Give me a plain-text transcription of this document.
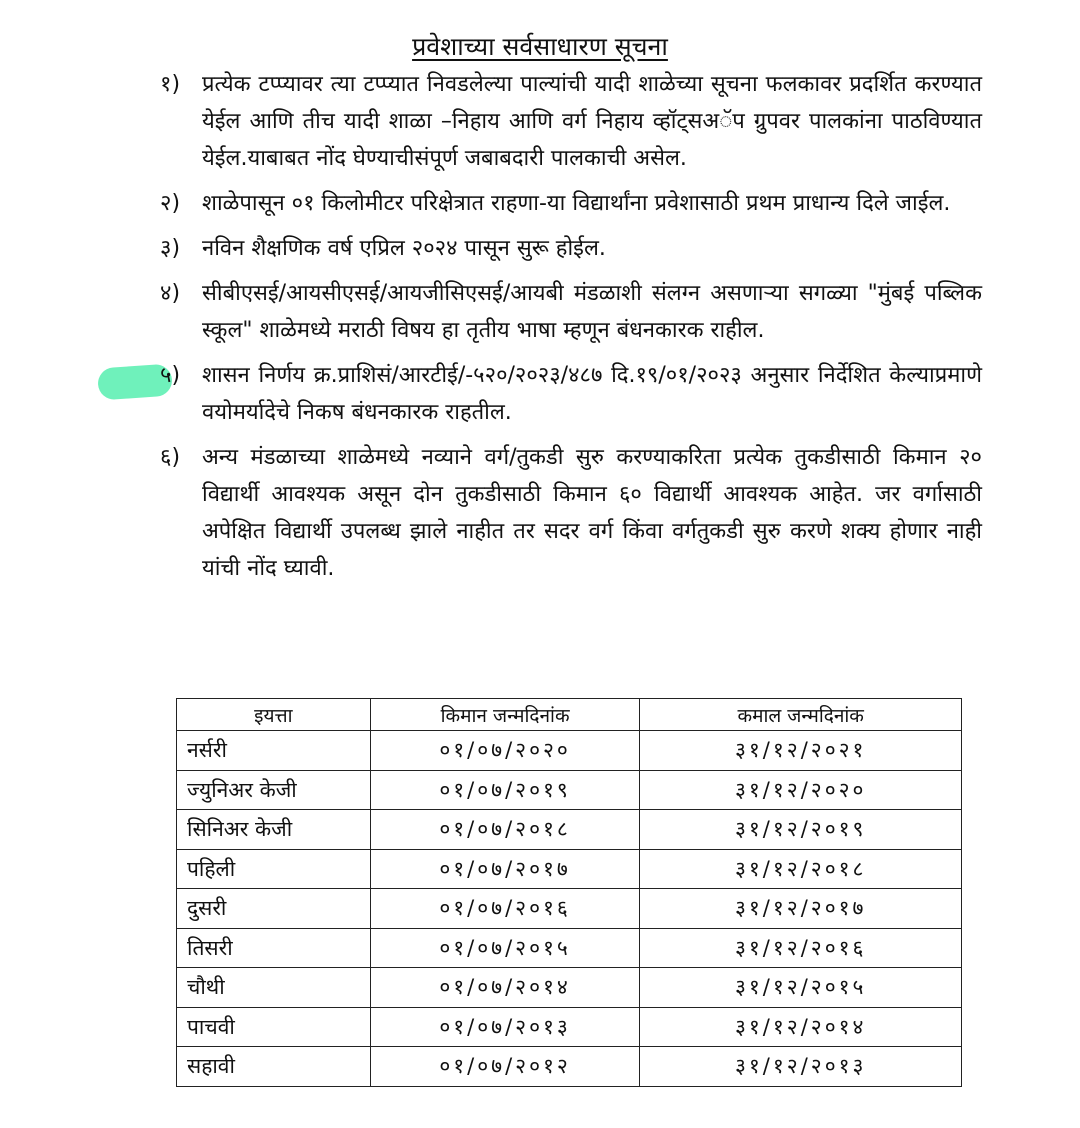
प्रवेशाच्या सर्वसाधारण सूचना
१) प्रत्येक टप्प्यावर त्या टप्प्यात निवडलेल्या पाल्यांची यादी शाळेच्या सूचना फलकावर प्रदर्शित करण्यात येईल आणि तीच यादी शाळा –निहाय आणि वर्ग निहाय व्हॉट्सअॅप ग्रुपवर पालकांना पाठविण्यात येईल.याबाबत नोंद घेण्याचीसंपूर्ण जबाबदारी पालकाची असेल.
२) शाळेपासून ०१ किलोमीटर परिक्षेत्रात राहणा-या विद्यार्थांना प्रवेशासाठी प्रथम प्राधान्य दिले जाईल.
३) नविन शैक्षणिक वर्ष एप्रिल २०२४ पासून सुरू होईल.
४) सीबीएसई/आयसीएसई/आयजीसिएसई/आयबी मंडळाशी संलग्न असणाऱ्या सगळ्या "मुंबई पब्लिक स्कूल" शाळेमध्ये मराठी विषय हा तृतीय भाषा म्हणून बंधनकारक राहील.
५) शासन निर्णय क्र.प्राशिसं/आरटीई/-५२०/२०२३/४८७ दि.१९/०१/२०२३ अनुसार निर्देशित केल्याप्रमाणे वयोमर्यादेचे निकष बंधनकारक राहतील.
६) अन्य मंडळाच्या शाळेमध्ये नव्याने वर्ग/तुकडी सुरु करण्याकरिता प्रत्येक तुकडीसाठी किमान २० विद्यार्थी आवश्यक असून दोन तुकडीसाठी किमान ६० विद्यार्थी आवश्यक आहेत. जर वर्गासाठी अपेक्षित विद्यार्थी उपलब्ध झाले नाहीत तर सदर वर्ग किंवा वर्गतुकडी सुरु करणे शक्य होणार नाही यांची नोंद घ्यावी.
इयत्ता	किमान जन्मदिनांक	कमाल जन्मदिनांक
नर्सरी	०१/०७/२०२०	३१/१२/२०२१
ज्युनिअर केजी	०१/०७/२०१९	३१/१२/२०२०
सिनिअर केजी	०१/०७/२०१८	३१/१२/२०१९
पहिली	०१/०७/२०१७	३१/१२/२०१८
दुसरी	०१/०७/२०१६	३१/१२/२०१७
तिसरी	०१/०७/२०१५	३१/१२/२०१६
चौथी	०१/०७/२०१४	३१/१२/२०१५
पाचवी	०१/०७/२०१३	३१/१२/२०१४
सहावी	०१/०७/२०१२	३१/१२/२०१३
